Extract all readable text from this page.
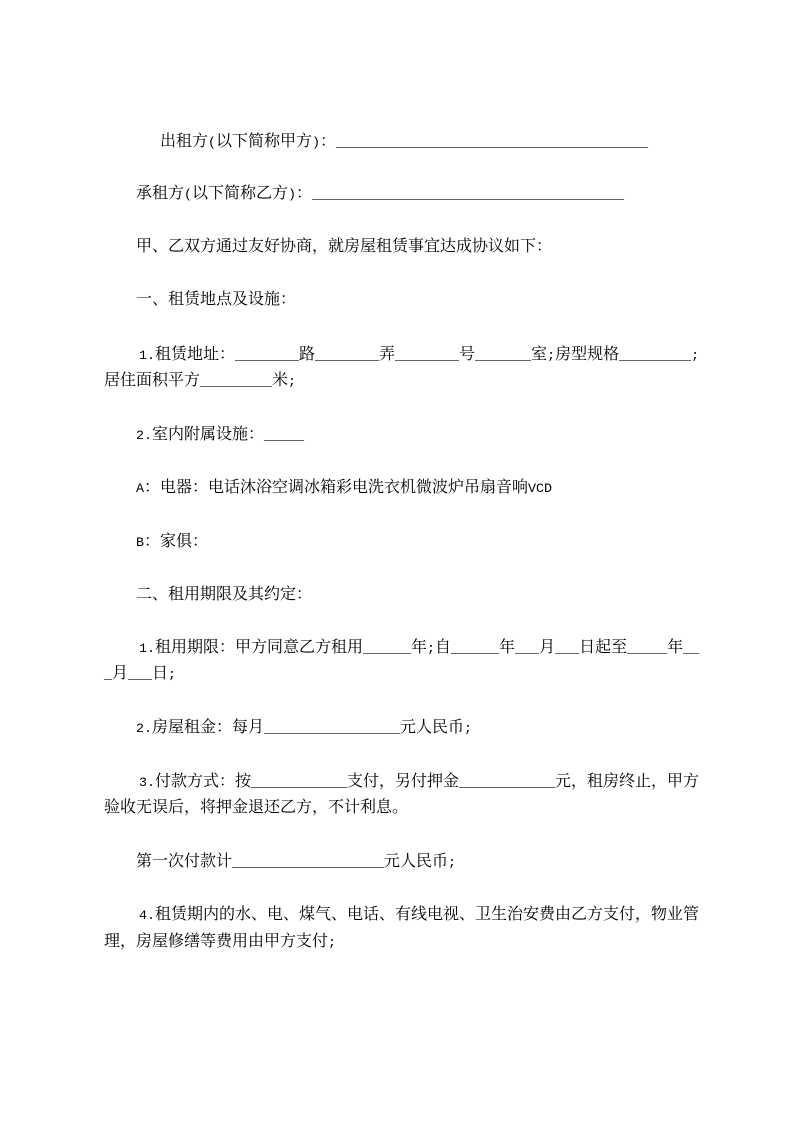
出租方(以下简称甲方)：_______________________________________
承租方(以下简称乙方)：_______________________________________
甲、乙双方通过友好协商，就房屋租赁事宜达成协议如下：
一、租赁地点及设施：
1.租赁地址：________路________弄________号_______室;房型规格_________;
居住面积平方_________米;
2.室内附属设施：_____
A：电器：电话沐浴空调冰箱彩电洗衣机微波炉吊扇音响VCD
B：家俱：
二、租用期限及其约定：
1.租用期限：甲方同意乙方租用______年;自______年___月___日起至_____年__
_月___日;
2.房屋租金：每月_________________元人民币;
3.付款方式：按____________支付，另付押金____________元，租房终止，甲方
验收无误后，将押金退还乙方，不计利息。
第一次付款计___________________元人民币;
4.租赁期内的水、电、煤气、电话、有线电视、卫生治安费由乙方支付，物业管
理，房屋修缮等费用由甲方支付;
